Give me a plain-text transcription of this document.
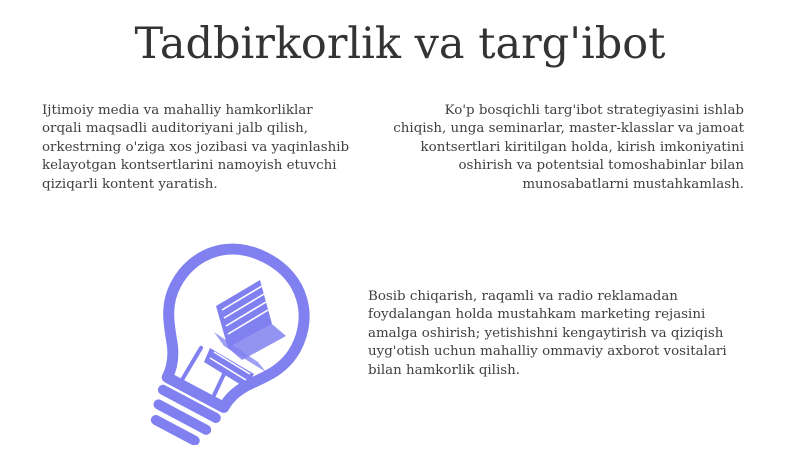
Tadbirkorlik va targ'ibot
Ijtimoiy media va mahalliy hamkorliklar orqali maqsadli auditoriyani jalb qilish, orkestrning o'ziga xos jozibasi va yaqinlashib kelayotgan kontsertlarini namoyish etuvchi qiziqarli kontent yaratish.
Ko'p bosqichli targ'ibot strategiyasini ishlab chiqish, unga seminarlar, master-klasslar va jamoat kontsertlari kiritilgan holda, kirish imkoniyatini oshirish va potentsial tomoshabinlar bilan munosabatlarni mustahkamlash.
Bosib chiqarish, raqamli va radio reklamadan foydalangan holda mustahkam marketing rejasini amalga oshirish; yetishishni kengaytirish va qiziqish uyg'otish uchun mahalliy ommaviy axborot vositalari bilan hamkorlik qilish.
